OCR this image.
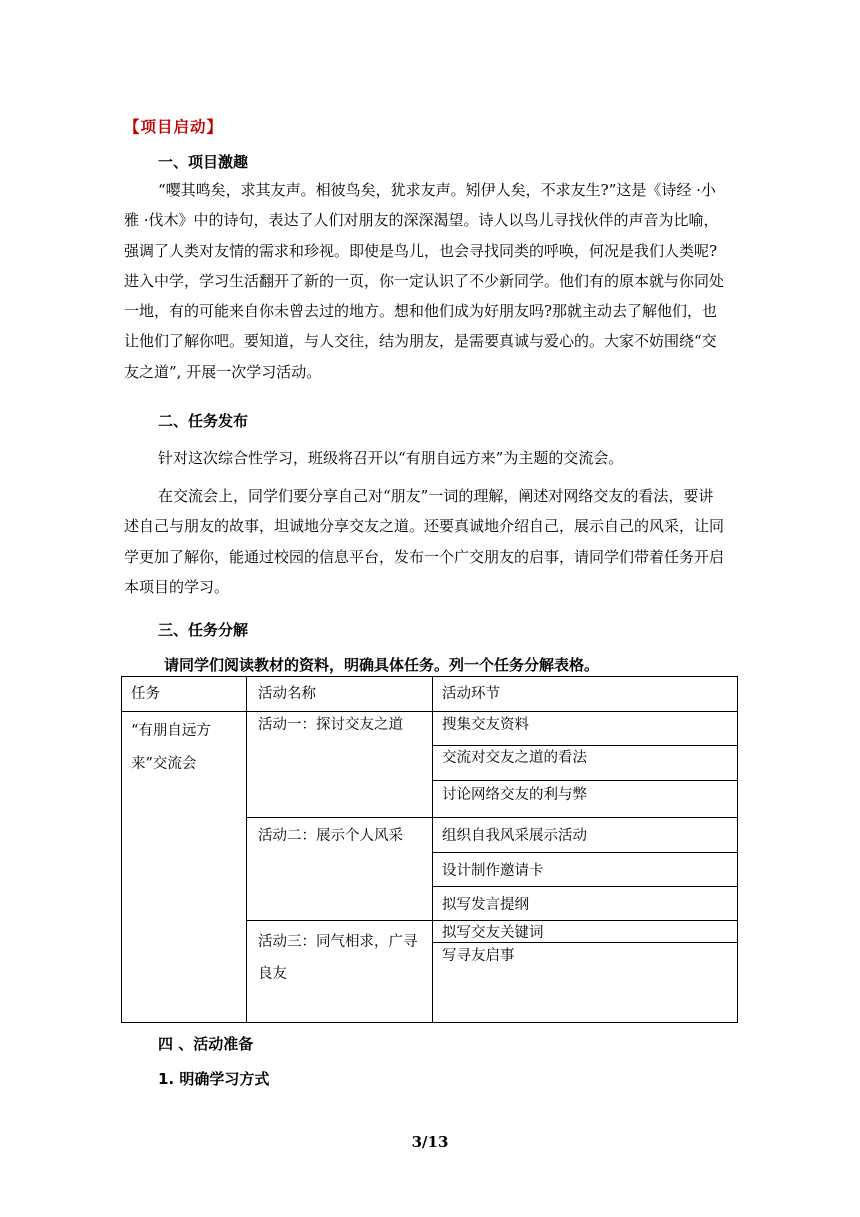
【项目启动】
一、项目激趣
“嘤其鸣矣，求其友声。相彼鸟矣，犹求友声。矧伊人矣，不求友生?”这是《诗经 ·小
雅 ·伐木》中的诗句，表达了人们对朋友的深深渴望。诗人以鸟儿寻找伙伴的声音为比喻，
强调了人类对友情的需求和珍视。即使是鸟儿，也会寻找同类的呼唤，何况是我们人类呢?
进入中学，学习生活翻开了新的一页，你一定认识了不少新同学。他们有的原本就与你同处
一地，有的可能来自你未曾去过的地方。想和他们成为好朋友吗?那就主动去了解他们，也
让他们了解你吧。要知道，与人交往，结为朋友，是需要真诚与爱心的。大家不妨围绕“交
友之道”, 开展一次学习活动。
二、任务发布
针对这次综合性学习，班级将召开以“有朋自远方来”为主题的交流会。
在交流会上，同学们要分享自己对“朋友”一词的理解，阐述对网络交友的看法，要讲
述自己与朋友的故事，坦诚地分享交友之道。还要真诚地介绍自己，展示自己的风采，让同
学更加了解你，能通过校园的信息平台，发布一个广交朋友的启事，请同学们带着任务开启
本项目的学习。
三、任务分解
请同学们阅读教材的资料，明确具体任务。列一个任务分解表格。
任务	活动名称	活动环节
“有朋自远方
来”交流会
活动一：探讨交友之道
活动二：展示个人风采
活动三：同气相求，广寻
良友
搜集交友资料
交流对交友之道的看法
讨论网络交友的利与弊
组织自我风采展示活动
设计制作邀请卡
拟写发言提纲
拟写交友关键词
写寻友启事
四 、活动准备
1. 明确学习方式
3/13
